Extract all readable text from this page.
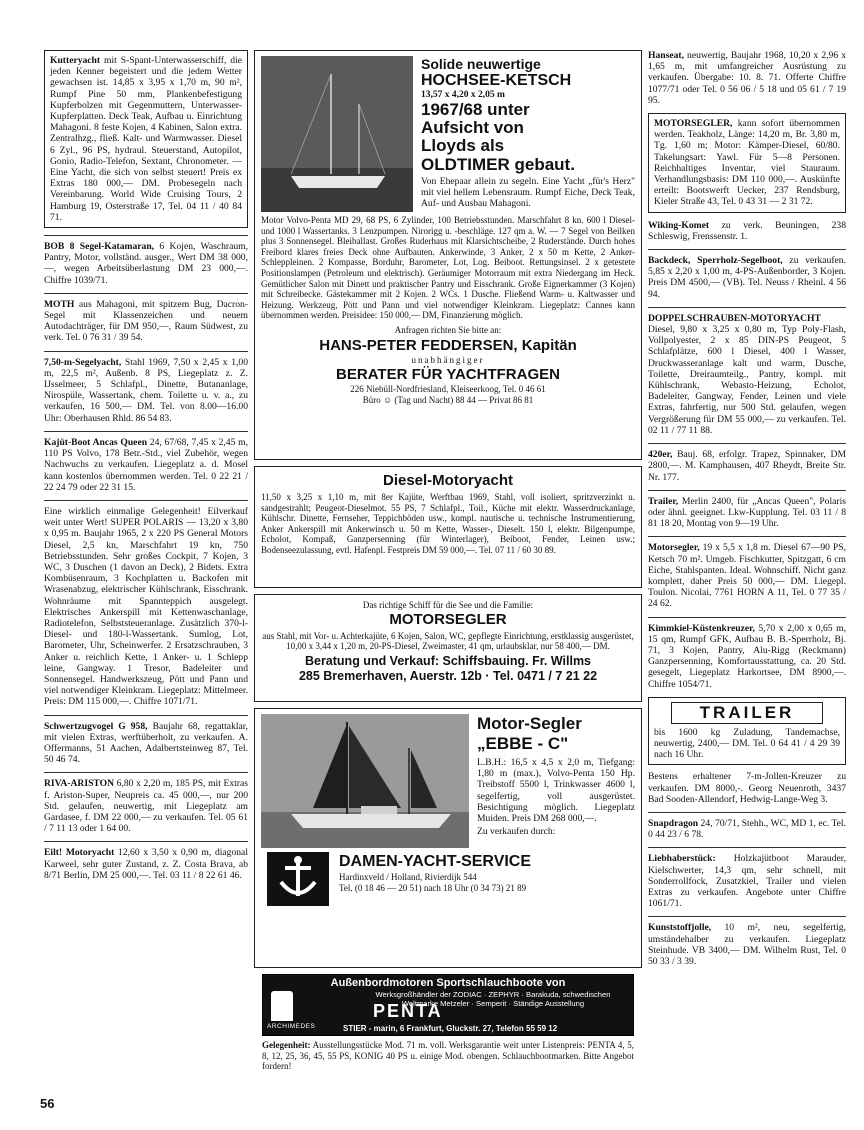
Kutteryacht mit S-Spant-Unterwasserschiff, die jeden Kenner begeistert und die jedem Wetter gewachsen ist. 14,85 x 3,95 x 1,70 m, 90 m², Rumpf Pine 50 mm, Plankenbefestigung Kupferbolzen mit Gegenmuttern, Unterwasser-Kupferplatten. Deck Teak, Aufbau u. Einrichtung Mahagoni. 8 feste Kojen, 4 Kabinen, Salon extra. Zentralhzg., fließ. Kalt- und Warmwasser. Diesel 6 Zyl., 96 PS, hydraul. Steuerstand, Autopilot, Gonio, Radio-Telefon, Sextant, Chronometer. — Eine Yacht, die sich von selbst steuert! Preis ex Extras 180 000,— DM. Probesegeln nach Vereinbarung. World Wide Cruising Tours, 2 Hamburg 19, Osterstraße 17, Tel. 04 11 / 40 84 71.
BOB 8 Segel-Katamaran, 6 Kojen, Waschraum, Pantry, Motor, vollständ. ausger., Wert DM 38 000,—, wegen Arbeitsüberlastung DM 23 000,—. Chiffre 1039/71.
MOTH aus Mahagoni, mit spitzem Bug, Dacron-Segel mit Klassenzeichen und neuem Autodachträger, für DM 950,—, Raum Südwest, zu verk. Tel. 0 76 31 / 39 54.
7,50-m-Segelyacht, Stahl 1969, 7,50 x 2,45 x 1,00 m, 22,5 m², Außenb. 8 PS, Liegeplatz z. Z. IJsselmeer, 5 Schlafpl., Dinette, Butananlage, Nirospüle, Wassertank, chem. Toilette u. v. a., zu verkaufen, 16 500,— DM. Tel. von 8.00—16.00 Uhr: Oberhausen Rhld. 86 54 83.
Kajüt-Boot Ancas Queen 24, 67/68, 7,45 x 2,45 m, 110 PS Volvo, 178 Betr.-Std., viel Zubehör, wegen Nachwuchs zu verkaufen. Liegeplatz a. d. Mosel kann kostenlos übernommen werden. Tel. 0 22 21 / 22 24 79 oder 22 31 15.
Eine wirklich einmalige Gelegenheit! Eilverkauf weit unter Wert! SUPER POLARIS — 13,20 x 3,80 x 0,95 m. Baujahr 1965, 2 x 220 PS General Motors Diesel, 2,5 kn, Marschfahrt 19 kn, 750 Betriebsstunden. Sehr großes Cockpit, 7 Kojen, 3 WC, 3 Duschen (1 davon an Deck), 2 Bidets. Extra Kombüsenraum, 3 Kochplatten u. Backofen mit Wrasenabzug, elektrischer Kühlschrank, Eisschrank. Wohnräume mit Spannteppich ausgelegt. Elektrisches Ankerspill mit Kettenwaschanlage, Radiotelefon, Selbststeueranlage. Zusätzlich 370-l-Diesel- und 180-l-Wassertank. Sumlog, Lot, Barometer, Uhr, Scheinwerfer. 2 Ersatzschrauben, 3 Anker u. reichlich Kette, 1 Anker- u. 1 Schlepp leine, Gangway. 1 Tresor, Badeleiter und Sonnensegel. Handwerkszeug, Pött und Pann und viel notwendiger Kleinkram. Liegeplatz: Mittelmeer. Preis: DM 115 000,—. Chiffre 1071/71.
Schwertzugvogel G 958, Baujahr 68, regattaklar, mit vielen Extras, werftüberholt, zu verkaufen. A. Offermanns, 51 Aachen, Adalbertsteinweg 87, Tel. 50 46 74.
RIVA-ARISTON 6,80 x 2,20 m, 185 PS, mit Extras f. Ariston-Super, Neupreis ca. 45 000,—, nur 200 Std. gelaufen, neuwertig, mit Liegeplatz am Gardasee, f. DM 22 000,— zu verkaufen. Tel. 05 61 / 7 11 13 oder 1 64 00.
Eilt! Motoryacht 12,60 x 3,50 x 0,90 m, diagonal Karweel, sehr guter Zustand, z. Z. Costa Brava, ab 8/71 Berlin, DM 25 000,—. Tel. 03 11 / 8 22 61 46.
Solide neuwertige
HOCHSEE-KETSCH
13,57 x 4,20 x 2,05 m
1967/68 unter
Aufsicht von
Lloyds als
OLDTIMER gebaut.
Von Ehepaar allein zu segeln. Eine Yacht „für's Herz" mit viel hellem Lebensraum. Rumpf Eiche, Deck Teak, Auf- und Ausbau Mahagoni.
Motor Volvo-Penta MD 29, 68 PS, 6 Zylinder, 100 Betriebsstunden. Marschfahrt 8 kn. 600 l Diesel- und 1000 l Wassertanks. 3 Lenzpumpen. Nirorigg u. -beschläge. 127 qm a. W. — 7 Segel von Beilken plus 3 Sonnensegel. Bleiballast. Großes Ruderhaus mit Klarsichtscheibe, 2 Ruderstände. Durch hohes Freibord klares freies Deck ohne Aufbauten. Ankerwinde, 3 Anker, 2 x 50 m Kette, 2 Anker-Schleppleinen. 2 Kompasse, Borduhr, Barometer, Lot, Log. Beiboot. Rettungsinsel. 2 x getestete Positionslampen (Petroleum und elektrisch). Geräumiger Motorraum mit extra Niedergang im Heck. Gemütlicher Salon mit Dinett und praktischer Pantry und Eisschrank. Große Eignerkammer (3 Kojen) mit Schreibecke. Gästekammer mit 2 Kojen. 2 WCs. 1 Dusche. Fließend Warm- u. Kaltwasser und Heizung. Werkzeug, Pött und Pann und viel notwendiger Kleinkram. Liegeplatz: Cannes kann übernommen werden. Preisidee: 150 000,— DM, Finanzierung möglich.
Anfragen richten Sie bitte an:
HANS-PETER FEDDERSEN, Kapitän
unabhängiger
BERATER FÜR YACHTFRAGEN
226 Niebüll-Nordfriesland, Kleiseerkoog, Tel. 0 46 61
Büro ☺ (Tag und Nacht) 88 44 — Privat 86 81
Diesel-Motoryacht
11,50 x 3,25 x 1,10 m, mit 8er Kajüte, Werftbau 1969, Stahl, voll isoliert, spritzverzinkt u. sandgestrahlt; Peugeot-Dieselmot. 55 PS, 7 Schlafpl., Toil., Küche mit elektr. Wasserdruckanlage, Kühlschr. Dinette, Fernseher, Teppichböden usw., kompl. nautische u. technische Instrumentierung, Anker Ankerspill mit Ankerwinsch u. 50 m Kette, Wasser-, Dieselt. 150 l, elektr. Bilgenpumpe, Echolot, Kompaß, Ganzpersenning (für Winterlager), Beiboot, Fender, Leinen usw.; Bodenseezulassung, evtl. Hafenpl. Festpreis DM 59 000,—. Tel. 07 11 / 60 30 89.
Das richtige Schiff für die See und die Familie:
MOTORSEGLER
aus Stahl, mit Vor- u. Achterkajüte, 6 Kojen, Salon, WC, gepflegte Einrichtung, erstklassig ausgerüstet, 10,00 x 3,44 x 1,20 m, 20-PS-Diesel, Zweimaster, 41 qm, urlaubsklar, nur 58 400,— DM.
Beratung und Verkauf: Schiffsbauing. Fr. Willms
285 Bremerhaven, Auerstr. 12b · Tel. 0471 / 7 21 22
Motor-Segler
„EBBE - C"
L.B.H.: 16,5 x 4,5 x 2,0 m, Tiefgang: 1,80 m (max.), Volvo-Penta 150 Hp. Treibstoff 5500 l, Trinkwasser 4600 l, segelfertig, voll ausgerüstet. Besichtigung möglich. Liegeplatz Muiden. Preis DM 268 000,—.
Zu verkaufen durch:
DAMEN-YACHT-SERVICE
Hardinxveld / Holland, Rivierdijk 544
Tel. (0 18 46 — 20 51) nach 18 Uhr (0 34 73) 21 89
Außenbordmotoren Sportschlauchboote von
Werksgroßhändler der ZODIAC · ZEPHYR · Barakuda, schwedischen Weltmarke Metzeler · Semperit · Ständige Ausstellung
ARCHIMEDES
PENTA
STIER - marin, 6 Frankfurt, Gluckstr. 27, Telefon 55 59 12
Gelegenheit: Ausstellungsstücke Mod. 71 m. voll. Werksgarantie weit unter Listenpreis: PENTA 4, 5, 8, 12, 25, 36, 45, 55 PS, KONIG 40 PS u. einige Mod. obengen. Schlauchbootmarken. Bitte Angebot fordern!
Hanseat, neuwertig, Baujahr 1968, 10,20 x 2,96 x 1,65 m, mit umfangreicher Ausrüstung zu verkaufen. Übergabe: 10. 8. 71. Offerte Chiffre 1077/71 oder Tel. 0 56 06 / 5 18 und 05 61 / 7 19 95.
MOTORSEGLER, kann sofort übernommen werden. Teakholz, Länge: 14,20 m, Br. 3,80 m, Tg. 1,60 m; Motor: Kämper-Diesel, 60/80. Takelungsart: Yawl. Für 5—8 Personen. Reichhaltiges Inventar, viel Stauraum. Verhandlungsbasis: DM 110 000,—. Auskünfte erteilt: Bootswerft Uecker, 237 Rendsburg, Kieler Straße 43, Tel. 0 43 31 — 2 31 72.
Wiking-Komet zu verk. Beuningen, 238 Schleswig, Frenssenstr. 1.
Backdeck, Sperrholz-Segelboot, zu verkaufen. 5,85 x 2,20 x 1,00 m, 4-PS-Außenborder, 3 Kojen. Preis DM 4500,— (VB). Tel. Neuss / Rheinl. 4 56 94.
DOPPELSCHRAUBEN-MOTORYACHT Diesel, 9,80 x 3,25 x 0,80 m, Typ Poly-Flash, Vollpolyester, 2 x 85 DIN-PS Peugeot, 5 Schlafplätze, 600 l Diesel, 400 l Wasser, Druckwasseranlage kalt und warm, Dusche, Toilette, Dreiraumteilg., Pantry, kompl. mit Kühlschrank, Webasto-Heizung, Echolot, Badeleiter, Gangway, Fender, Leinen und viele Extras, fahrfertig, nur 500 Std. gelaufen, wegen Vergrößerung für DM 55 000,— zu verkaufen. Tel. 02 11 / 77 11 88.
420er, Bauj. 68, erfolgr. Trapez, Spinnaker, DM 2800,—. M. Kamphausen, 407 Rheydt, Breite Str. Nr. 177.
Trailer, Merlin 2400, für „Ancas Queen", Polaris oder ähnl. geeignet. Lkw-Kupplung. Tel. 03 11 / 8 81 18 20, Montag von 9—19 Uhr.
Motorsegler, 19 x 5,5 x 1,8 m. Diesel 67—90 PS, Ketsch 70 m². Umgeb. Fischkutter, Spitzgatt, 6 cm Eiche, Stahlspanten. Ideal. Wohnschiff. Nicht ganz komplett, daher Preis 50 000,— DM. Liegepl. Toulon. Nicolai, 7761 HORN A 11, Tel. 0 77 35 / 24 62.
Kimmkiel-Küstenkreuzer, 5,70 x 2,00 x 0,65 m, 15 qm, Rumpf GFK, Aufbau B. B.-Sperrholz, Bj. 71, 3 Kojen, Pantry, Alu-Rigg (Reckmann) Ganzpersenning, Komfortausstattung, ca. 20 Std. gesegelt, Liegeplatz Harkortsee, DM 8900,—. Chiffre 1054/71.
TRAILER
bis 1600 kg Zuladung, Tandemachse, neuwertig, 2400,— DM. Tel. 0 64 41 / 4 29 39 nach 16 Uhr.
Bestens erhaltener 7-m-Jollen-Kreuzer zu verkaufen. DM 8000,-. Georg Neuenroth, 3437 Bad Sooden-Allendorf, Hedwig-Lange-Weg 3.
Snapdragon 24, 70/71, Stehh., WC, MD 1, ec. Tel. 0 44 23 / 6 78.
Liebhaberstück: Holzkajütboot Marauder, Kielschwerter, 14,3 qm, sehr schnell, mit Sonderrollfock, Zusatzkiel, Trailer und vielen Extras zu verkaufen. Angebote unter Chiffre 1061/71.
Kunststoffjolle, 10 m², neu, segelfertig, umständehalber zu verkaufen. Liegeplatz Steinhude. VB 3400,— DM. Wilhelm Rust, Tel. 0 50 33 / 3 39.
56
